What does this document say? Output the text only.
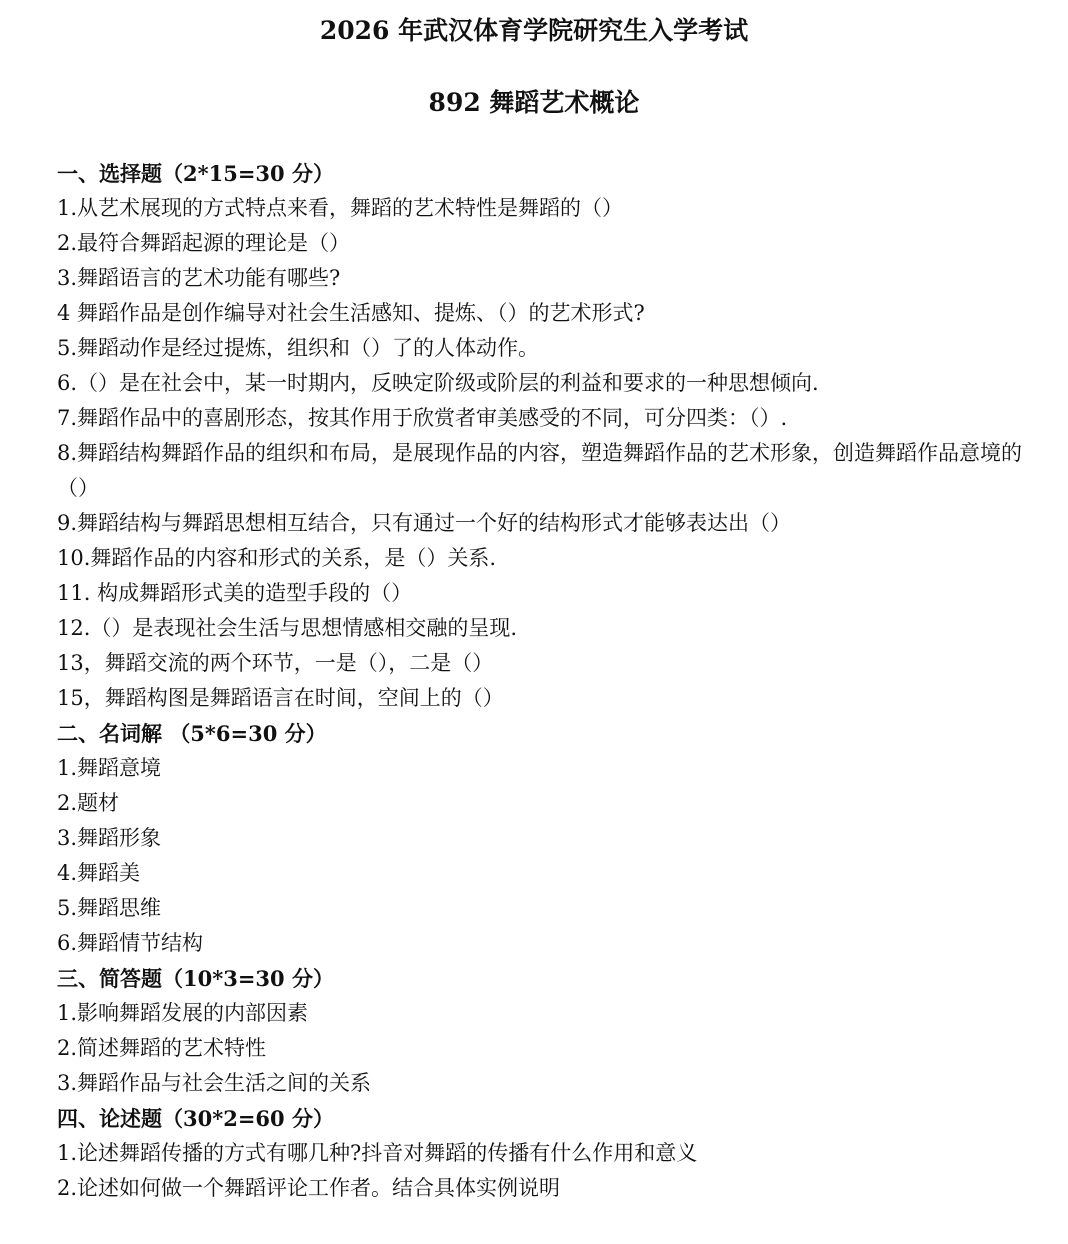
2026 年武汉体育学院研究生入学考试
892 舞蹈艺术概论
一、选择题（2*15=30 分）
1.从艺术展现的方式特点来看，舞蹈的艺术特性是舞蹈的（）
2.最符合舞蹈起源的理论是（）
3.舞蹈语言的艺术功能有哪些?
4 舞蹈作品是创作编导对社会生活感知、提炼、（）的艺术形式?
5.舞蹈动作是经过提炼，组织和（）了的人体动作。
6.（）是在社会中，某一时期内，反映定阶级或阶层的利益和要求的一种思想倾向.
7.舞蹈作品中的喜剧形态，按其作用于欣赏者审美感受的不同，可分四类：（）.
8.舞蹈结构舞蹈作品的组织和布局，是展现作品的内容，塑造舞蹈作品的艺术形象，创造舞蹈作品意境的（）
9.舞蹈结构与舞蹈思想相互结合，只有通过一个好的结构形式才能够表达出（）
10.舞蹈作品的内容和形式的关系，是（）关系.
11. 构成舞蹈形式美的造型手段的（）
12.（）是表现社会生活与思想情感相交融的呈现.
13，舞蹈交流的两个环节，一是（），二是（）
15，舞蹈构图是舞蹈语言在时间，空间上的（）
二、名词解 （5*6=30 分）
1.舞蹈意境
2.题材
3.舞蹈形象
4.舞蹈美
5.舞蹈思维
6.舞蹈情节结构
三、简答题（10*3=30 分）
1.影响舞蹈发展的内部因素
2.简述舞蹈的艺术特性
3.舞蹈作品与社会生活之间的关系
四、论述题（30*2=60 分）
1.论述舞蹈传播的方式有哪几种?抖音对舞蹈的传播有什么作用和意义
2.论述如何做一个舞蹈评论工作者。结合具体实例说明
